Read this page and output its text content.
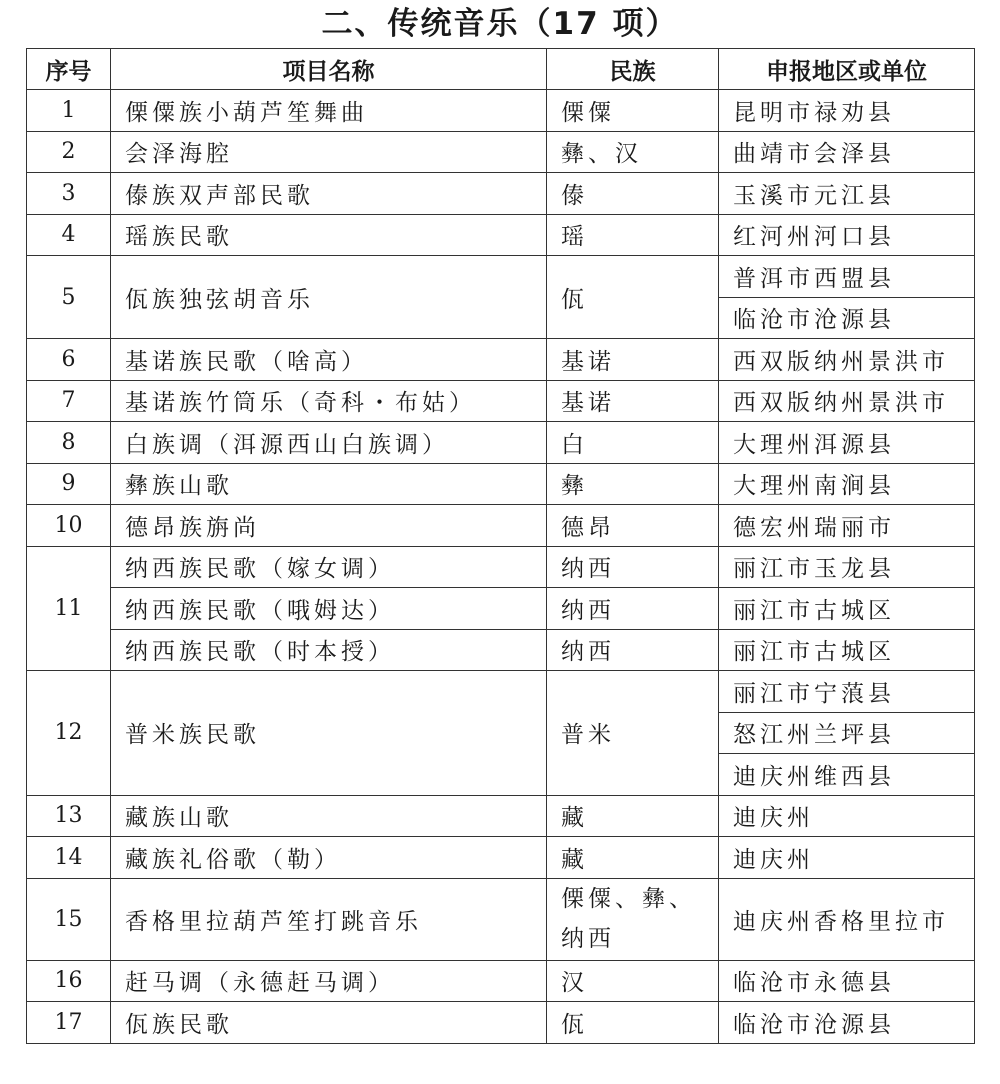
二、传统音乐（17 项）
序号	项目名称	民族	申报地区或单位
1	傈僳族小葫芦笙舞曲	傈僳	昆明市禄劝县
2	会泽海腔	彝、汉	曲靖市会泽县
3	傣族双声部民歌	傣	玉溪市元江县
4	瑶族民歌	瑶	红河州河口县
5	佤族独弦胡音乐	佤	普洱市西盟县
			临沧市沧源县
6	基诺族民歌（啥高）	基诺	西双版纳州景洪市
7	基诺族竹筒乐（奇科・布姑）	基诺	西双版纳州景洪市
8	白族调（洱源西山白族调）	白	大理州洱源县
9	彝族山歌	彝	大理州南涧县
10	德昂族旃尚	德昂	德宏州瑞丽市
11	纳西族民歌（嫁女调）	纳西	丽江市玉龙县
	纳西族民歌（哦姆达）	纳西	丽江市古城区
	纳西族民歌（时本授）	纳西	丽江市古城区
12	普米族民歌	普米	丽江市宁蒗县
			怒江州兰坪县
			迪庆州维西县
13	藏族山歌	藏	迪庆州
14	藏族礼俗歌（勒）	藏	迪庆州
15	香格里拉葫芦笙打跳音乐	傈僳、彝、纳西	迪庆州香格里拉市
16	赶马调（永德赶马调）	汉	临沧市永德县
17	佤族民歌	佤	临沧市沧源县
